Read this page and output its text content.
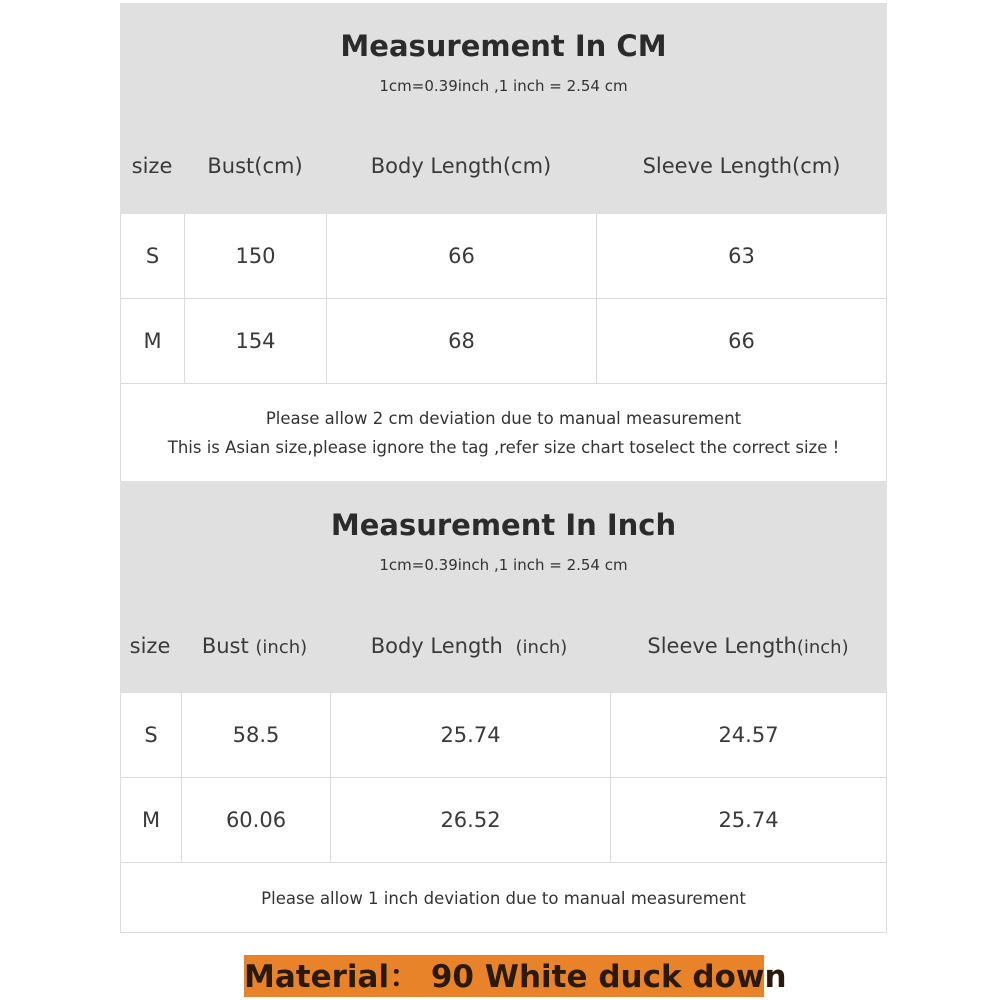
Measurement In CM
1cm=0.39inch ,1 inch = 2.54 cm
size	Bust(cm)	Body Length(cm)	Sleeve Length(cm)
S	150	66	63
M	154	68	66
Please allow 2 cm deviation due to manual measurement
This is Asian size,please ignore the tag ,refer size chart toselect the correct size !
Measurement In Inch
1cm=0.39inch ,1 inch = 2.54 cm
size	Bust (inch)	Body Length (inch)	Sleeve Length(inch)
S	58.5	25.74	24.57
M	60.06	26.52	25.74
Please allow 1 inch deviation due to manual measurement
Material： 90 White duck down
